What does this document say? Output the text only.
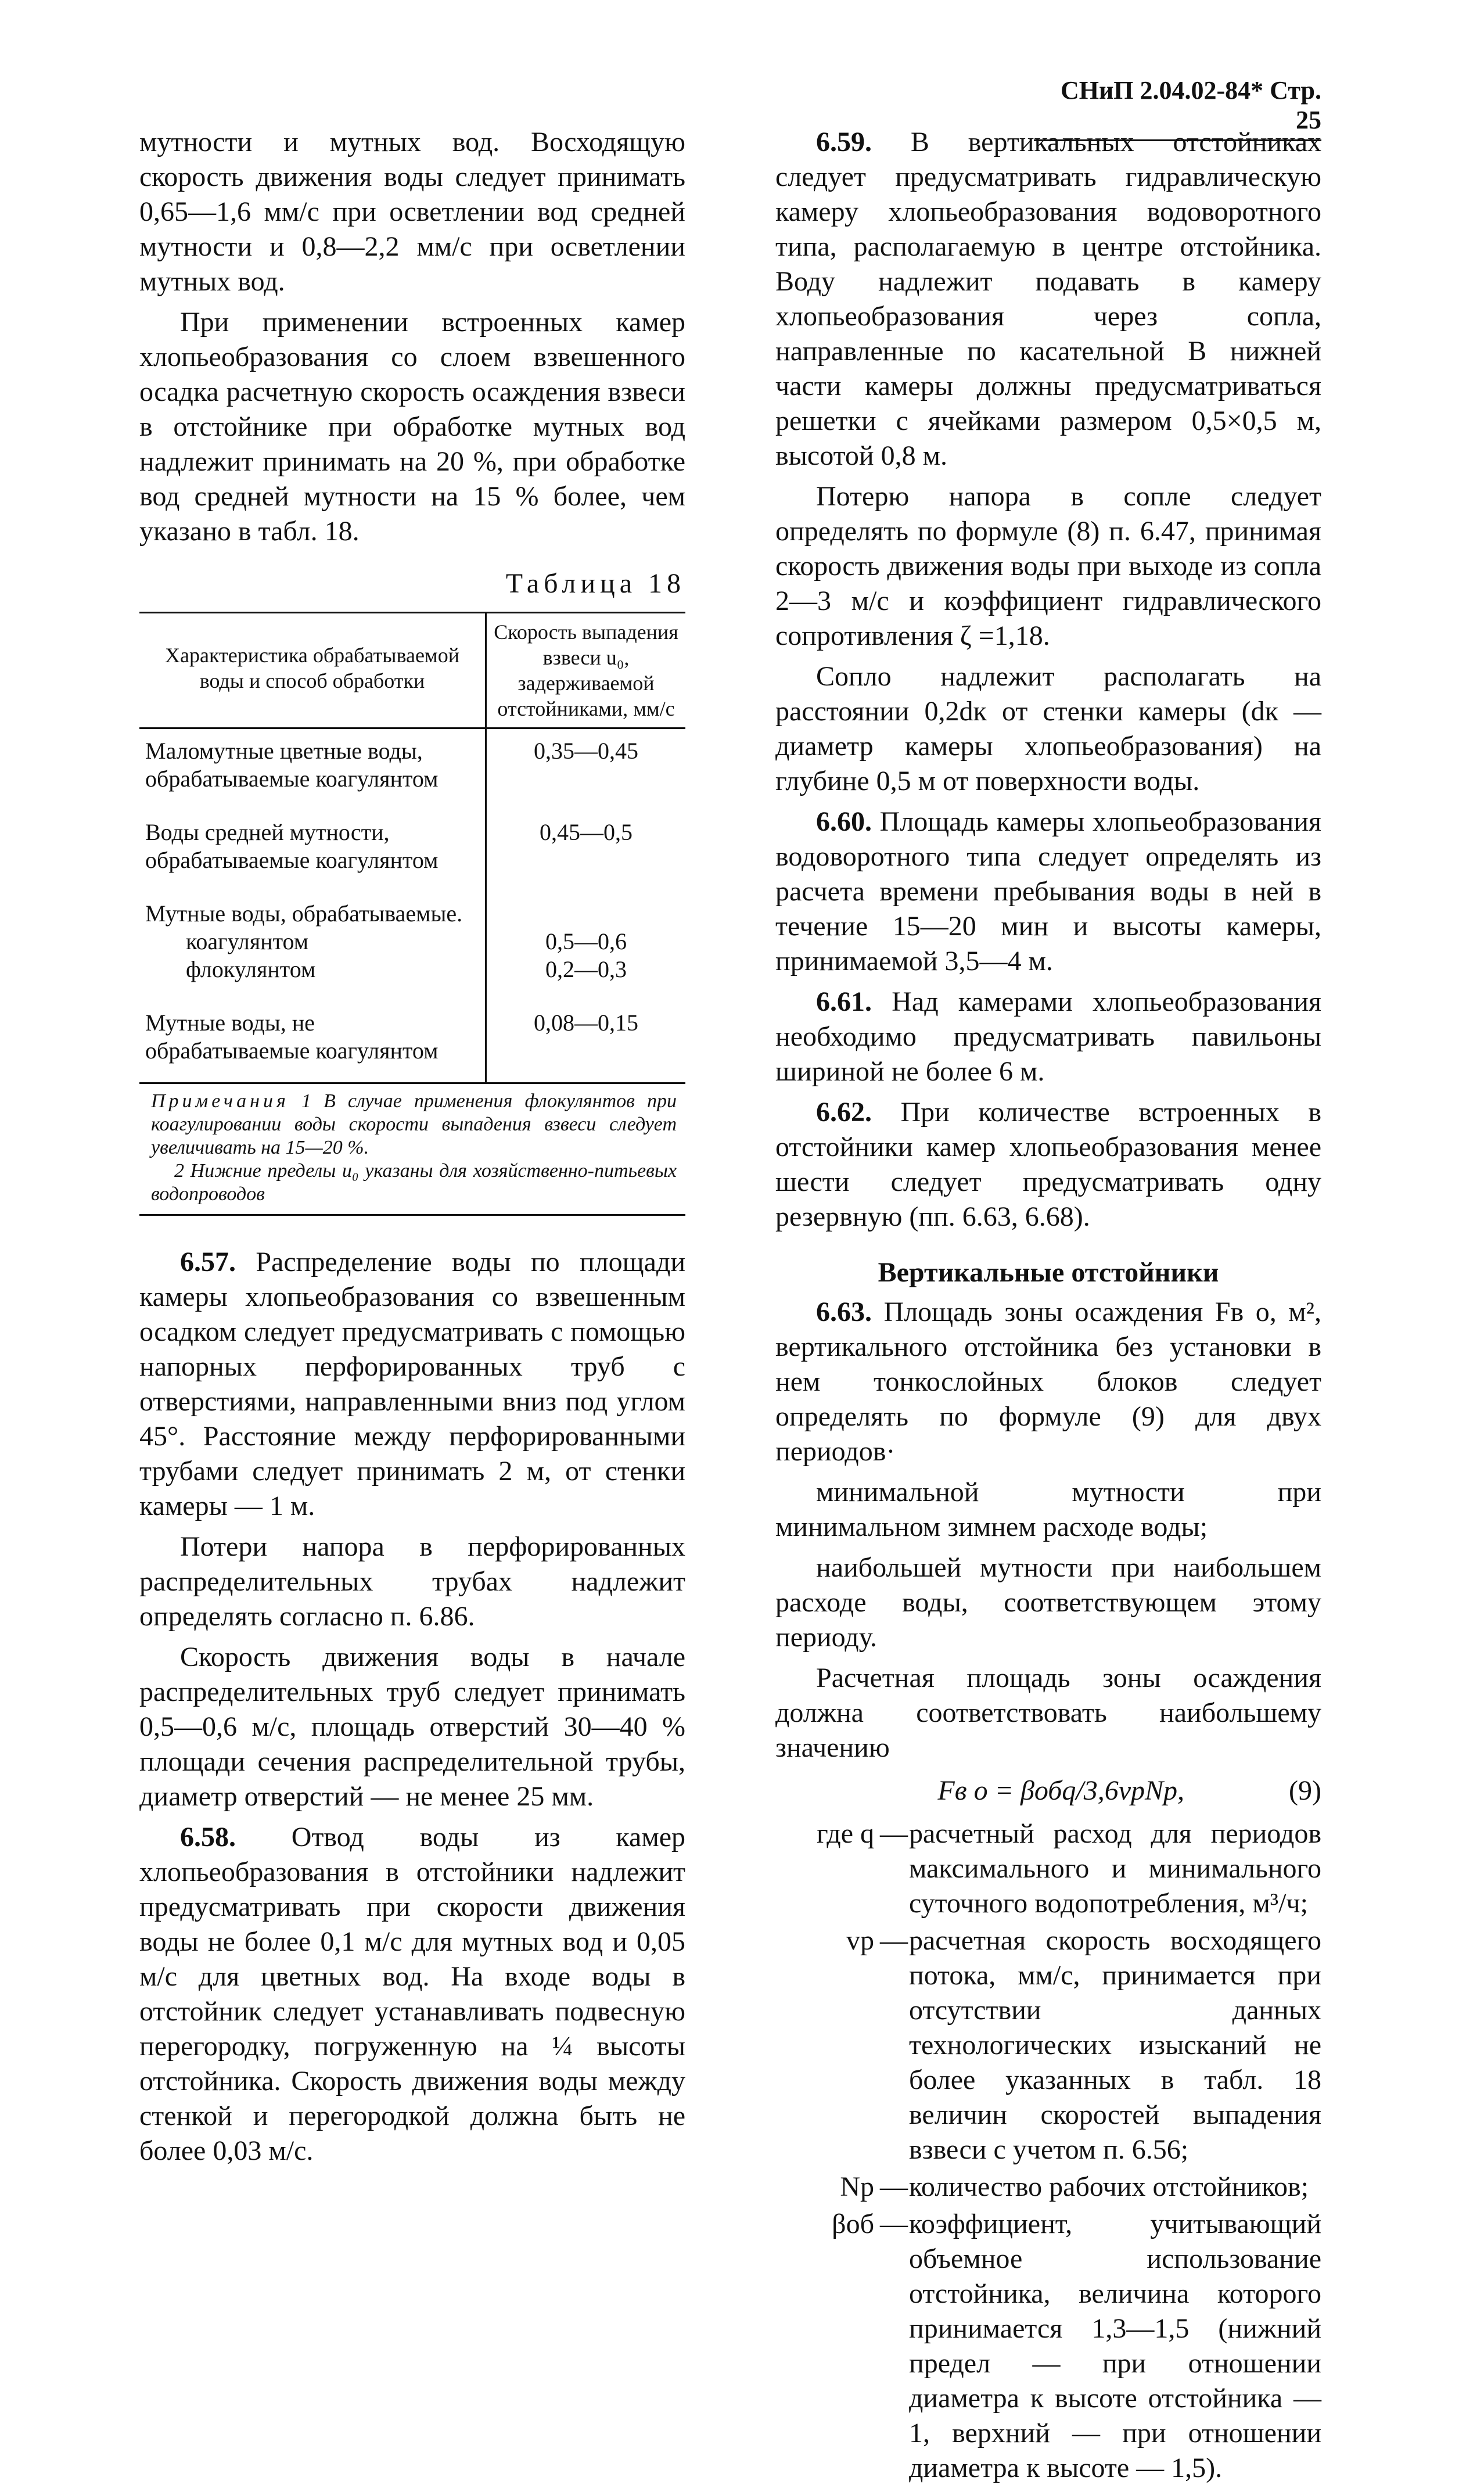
СНиП 2.04.02-84* Стр. 25

мутности и мутных вод. Восходящую скорость движения воды следует принимать 0,65—1,6 мм/с при осветлении вод средней мутности и 0,8—2,2 мм/с при осветлении мутных вод.

При применении встроенных камер хлопьеобразования со слоем взвешенного осадка расчетную скорость осаждения взвеси в отстойнике при обработке мутных вод надлежит принимать на 20 %, при обработке вод средней мутности на 15 % более, чем указано в табл. 18.

Таблица 18
Характеристика обрабатываемой воды и способ обработки
Скорость выпадения взвеси u₀, задерживаемой отстойниками, мм/с
Маломутные цветные воды, обрабатываемые коагулянтом
0,35—0,45
Воды средней мутности, обрабатываемые коагулянтом
0,45—0,5
Мутные воды, обрабатываемые.
коагулянтом
флокулянтом
0,5—0,6
0,2—0,3
Мутные воды, не обрабатываемые коагулянтом
0,08—0,15
Примечания 1 В случае применения флокулянтов при коагулировании воды скорости выпадения взвеси следует увеличивать на 15—20 %.
2 Нижние пределы u₀ указаны для хозяйственно-питьевых водопроводов

6.57. Распределение воды по площади камеры хлопьеобразования со взвешенным осадком следует предусматривать с помощью напорных перфорированных труб с отверстиями, направленными вниз под углом 45°. Расстояние между перфорированными трубами следует принимать 2 м, от стенки камеры — 1 м.

Потери напора в перфорированных распределительных трубах надлежит определять согласно п. 6.86.

Скорость движения воды в начале распределительных труб следует принимать 0,5—0,6 м/с, площадь отверстий 30—40 % площади сечения распределительной трубы, диаметр отверстий — не менее 25 мм.

6.58. Отвод воды из камер хлопьеобразования в отстойники надлежит предусматривать при скорости движения воды не более 0,1 м/с для мутных вод и 0,05 м/с для цветных вод. На входе воды в отстойник следует устанавливать подвесную перегородку, погруженную на ¼ высоты отстойника. Скорость движения воды между стенкой и перегородкой должна быть не более 0,03 м/с.

6.59. В вертикальных отстойниках следует предусматривать гидравлическую камеру хлопьеобразования водоворотного типа, располагаемую в центре отстойника. Воду надлежит подавать в камеру хлопьеобразования через сопла, направленные по касательной В нижней части камеры должны предусматриваться решетки с ячейками размером 0,5×0,5 м, высотой 0,8 м.

Потерю напора в сопле следует определять по формуле (8) п. 6.47, принимая скорость движения воды при выходе из сопла 2—3 м/с и коэффициент гидравлического сопротивления ζ =1,18.

Сопло надлежит располагать на расстоянии 0,2dк от стенки камеры (dк — диаметр камеры хлопьеобразования) на глубине 0,5 м от поверхности воды.

6.60. Площадь камеры хлопьеобразования водоворотного типа следует определять из расчета времени пребывания воды в ней в течение 15—20 мин и высоты камеры, принимаемой 3,5—4 м.

6.61. Над камерами хлопьеобразования необходимо предусматривать павильоны шириной не более 6 м.

6.62. При количестве встроенных в отстойники камер хлопьеобразования менее шести следует предусматривать одну резервную (пп. 6.63, 6.68).

Вертикальные отстойники

6.63. Площадь зоны осаждения Fв о, м², вертикального отстойника без установки в нем тонкослойных блоков следует определять по формуле (9) для двух периодов·

минимальной мутности при минимальном зимнем расходе воды;

наибольшей мутности при наибольшем расходе воды, соответствующем этому периоду.

Расчетная площадь зоны осаждения должна соответствовать наибольшему значению

Fв о = βобq/3,6vрNр,	(9)
где q — расчетный расход для периодов максимального и минимального суточного водопотребления, м³/ч;
vр — расчетная скорость восходящего потока, мм/с, принимается при отсутствии данных технологических изысканий не более указанных в табл. 18 величин скоростей выпадения взвеси с учетом п. 6.56;
Nр — количество рабочих отстойников;
βоб — коэффициент, учитывающий объемное использование отстойника, величина которого принимается 1,3—1,5 (нижний предел — при отношении диаметра к высоте отстойника — 1, верхний — при отношении диаметра к высоте — 1,5).
